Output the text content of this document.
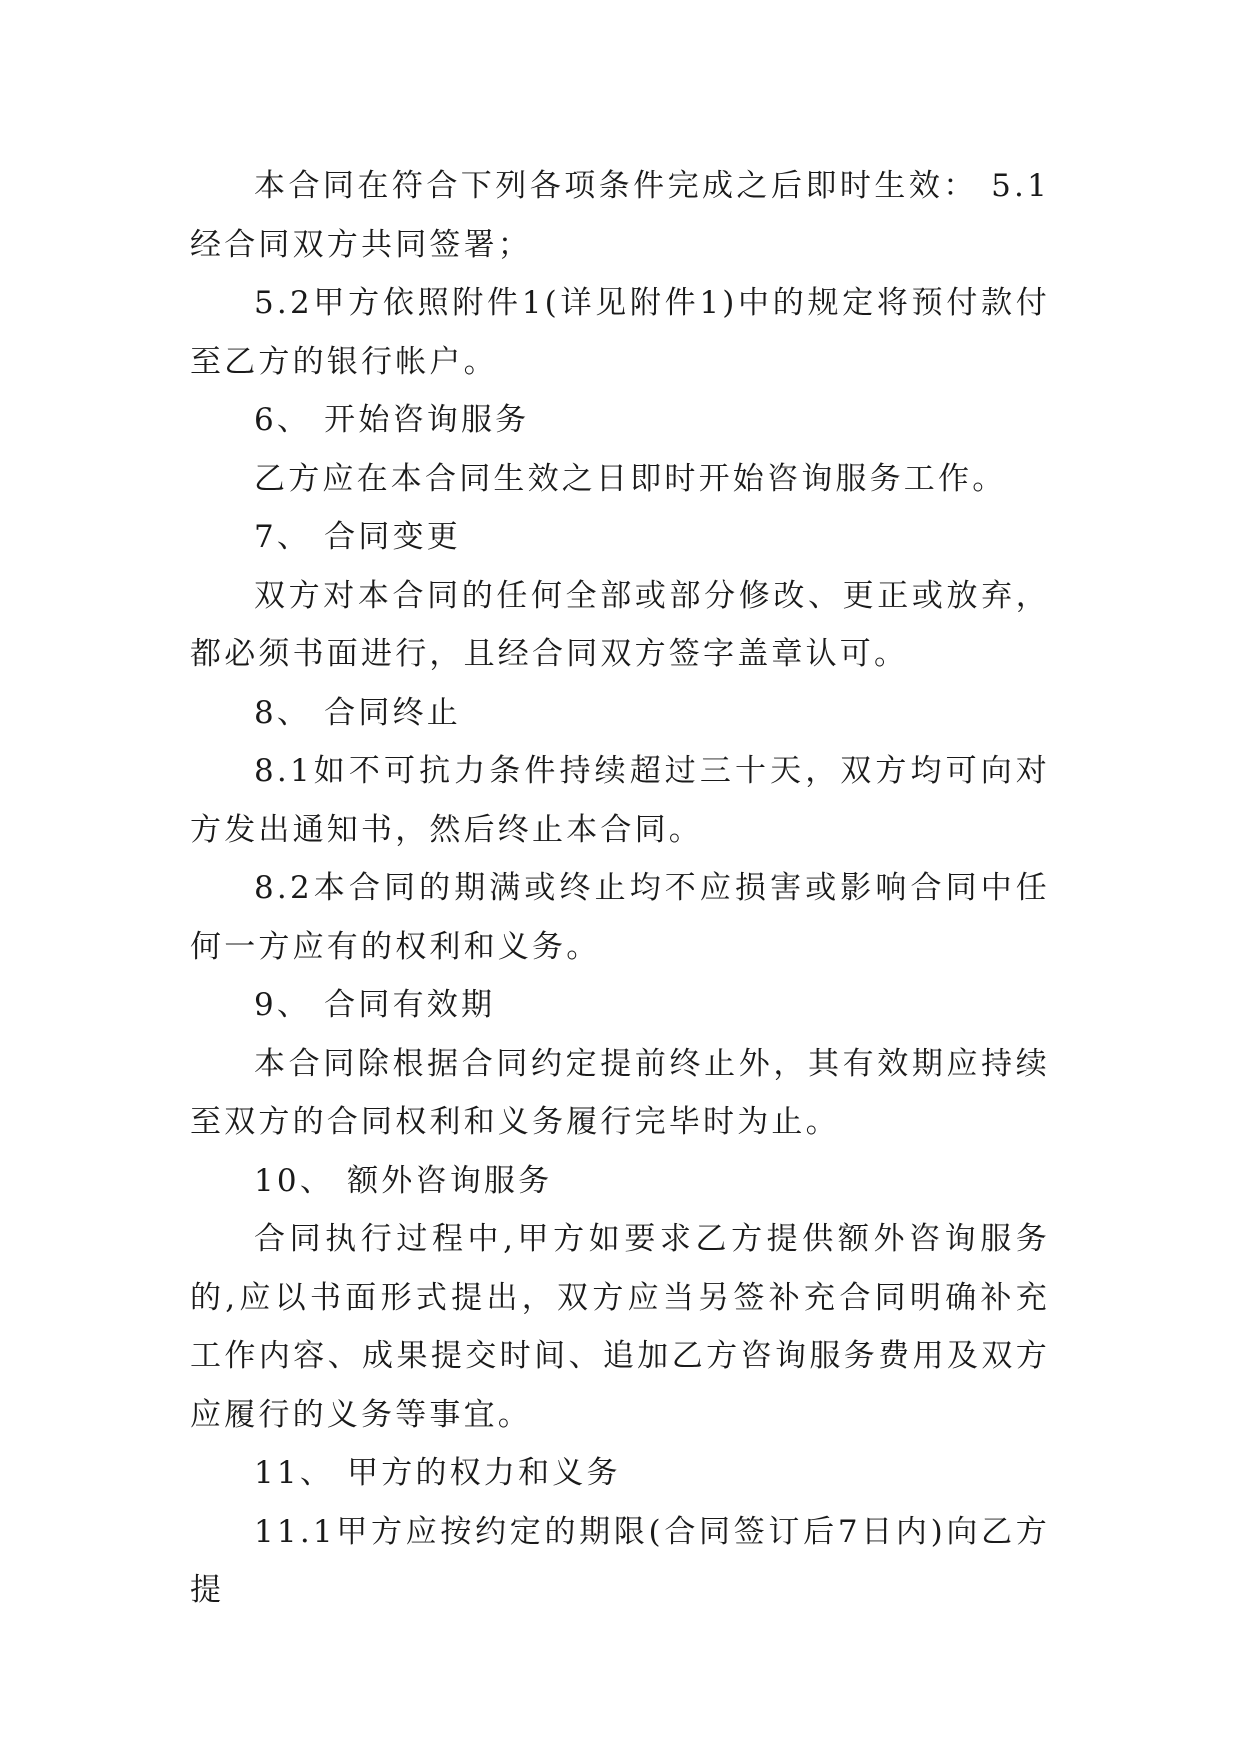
本合同在符合下列各项条件完成之后即时生效： 5.1经合同双方共同签署；

5.2甲方依照附件1(详见附件1)中的规定将预付款付至乙方的银行帐户。

6、 开始咨询服务

乙方应在本合同生效之日即时开始咨询服务工作。

7、 合同变更

双方对本合同的任何全部或部分修改、更正或放弃，都必须书面进行，且经合同双方签字盖章认可。

8、 合同终止

8.1如不可抗力条件持续超过三十天，双方均可向对方发出通知书，然后终止本合同。

8.2本合同的期满或终止均不应损害或影响合同中任何一方应有的权利和义务。

9、 合同有效期

本合同除根据合同约定提前终止外，其有效期应持续至双方的合同权利和义务履行完毕时为止。

10、 额外咨询服务

合同执行过程中,甲方如要求乙方提供额外咨询服务的,应以书面形式提出，双方应当另签补充合同明确补充工作内容、成果提交时间、追加乙方咨询服务费用及双方应履行的义务等事宜。

11、 甲方的权力和义务

11.1甲方应按约定的期限(合同签订后7日内)向乙方提
